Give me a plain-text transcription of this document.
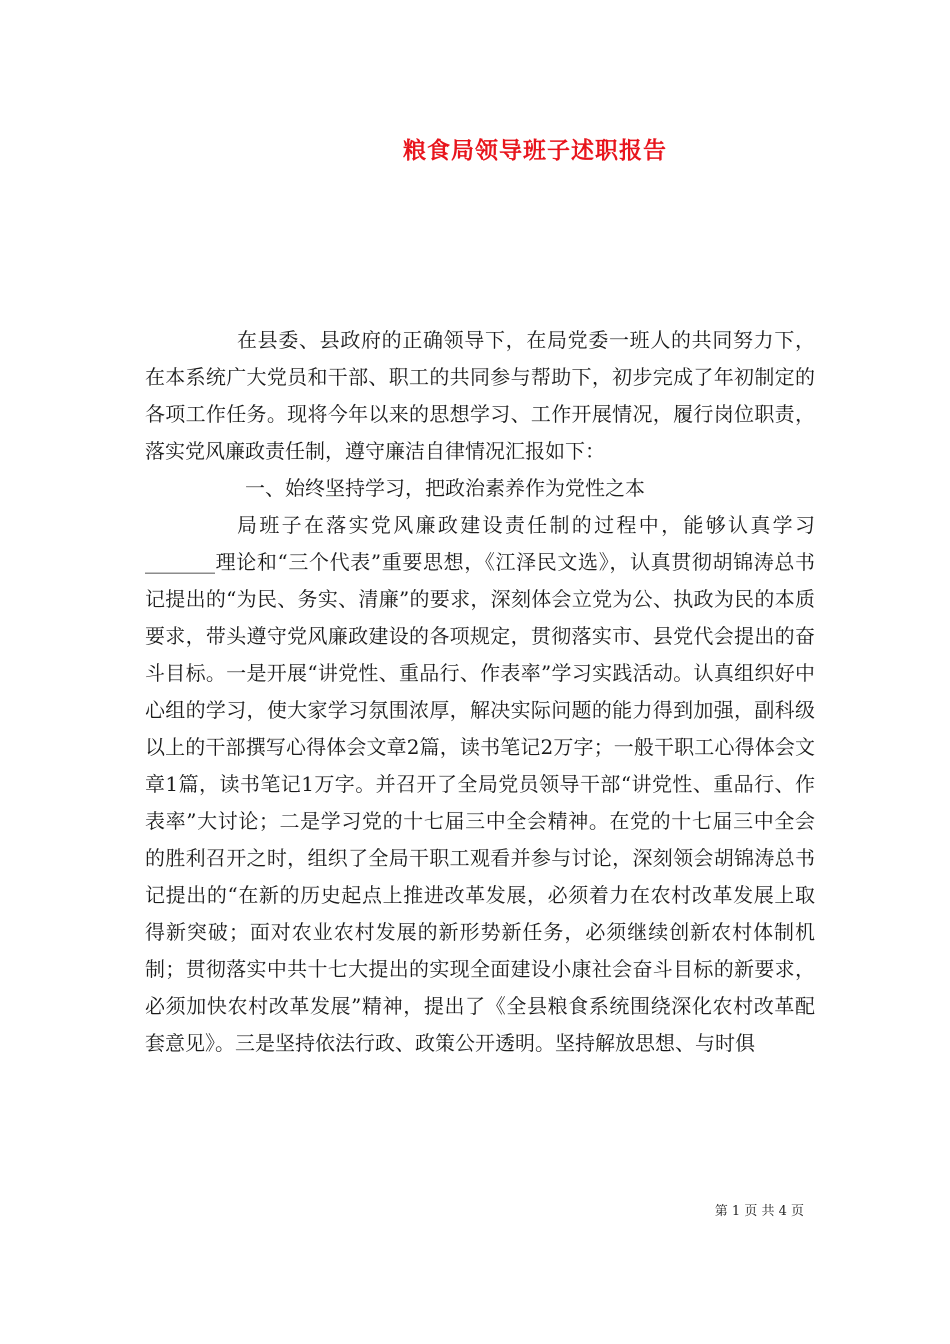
粮食局领导班子述职报告

在县委、县政府的正确领导下，在局党委一班人的共同努力下，在本系统广大党员和干部、职工的共同参与帮助下，初步完成了年初制定的各项工作任务。现将今年以来的思想学习、工作开展情况，履行岗位职责，落实党风廉政责任制，遵守廉洁自律情况汇报如下：

一、始终坚持学习，把政治素养作为党性之本

局班子在落实党风廉政建设责任制的过程中，能够认真学习_______理论和“三个代表”重要思想，《江泽民文选》，认真贯彻胡锦涛总书记提出的“为民、务实、清廉”的要求，深刻体会立党为公、执政为民的本质要求，带头遵守党风廉政建设的各项规定，贯彻落实市、县党代会提出的奋斗目标。一是开展“讲党性、重品行、作表率”学习实践活动。认真组织好中心组的学习，使大家学习氛围浓厚，解决实际问题的能力得到加强，副科级以上的干部撰写心得体会文章2篇，读书笔记2万字；一般干职工心得体会文章1篇，读书笔记1万字。并召开了全局党员领导干部“讲党性、重品行、作表率”大讨论；二是学习党的十七届三中全会精神。在党的十七届三中全会的胜利召开之时，组织了全局干职工观看并参与讨论，深刻领会胡锦涛总书记提出的“在新的历史起点上推进改革发展，必须着力在农村改革发展上取得新突破；面对农业农村发展的新形势新任务，必须继续创新农村体制机制；贯彻落实中共十七大提出的实现全面建设小康社会奋斗目标的新要求，必须加快农村改革发展”精神，提出了《全县粮食系统围绕深化农村改革配套意见》。三是坚持依法行政、政策公开透明。坚持解放思想、与时俱

第 1 页 共 4 页
